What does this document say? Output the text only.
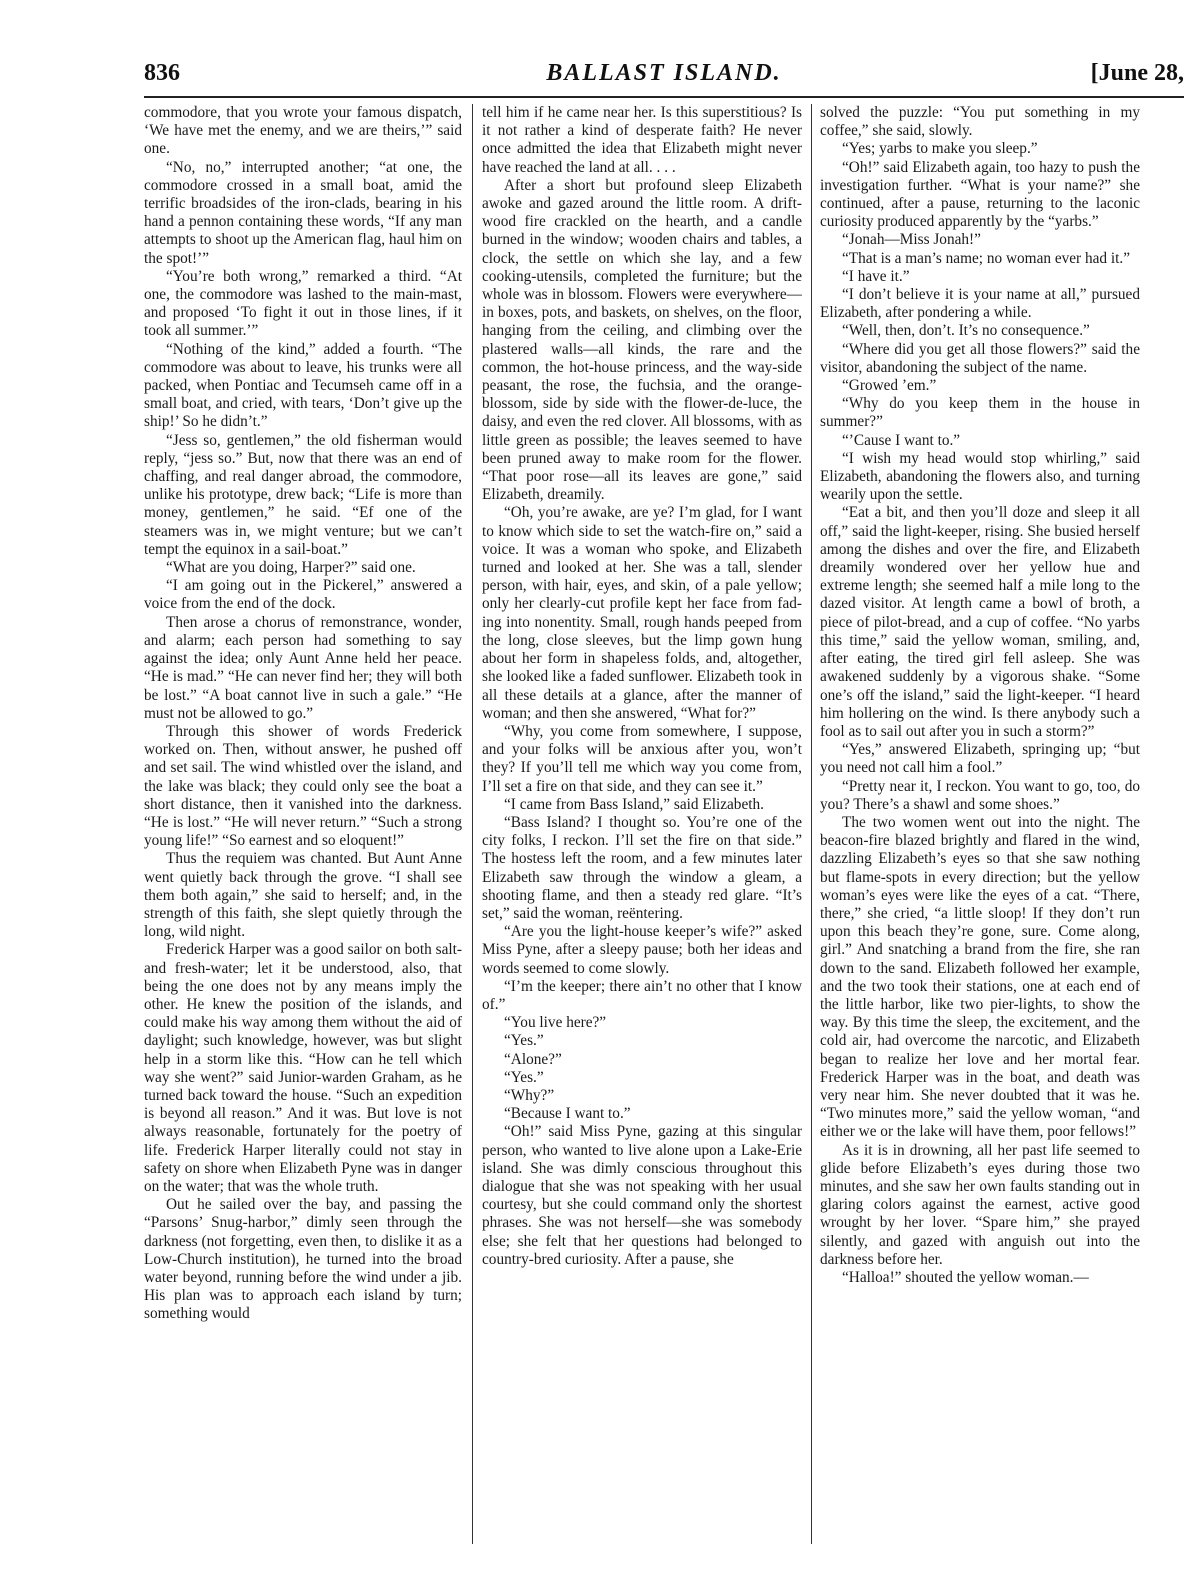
836	BALLAST ISLAND.	[June 28,

commodore, that you wrote your famous dispatch, ‘We have met the enemy, and we are theirs,’” said one.

“No, no,” interrupted another; “at one, the commodore crossed in a small boat, amid the terrific broadsides of the iron-clads, bearing in his hand a pennon containing these words, “If any man attempts to shoot up the American flag, haul him on the spot!’”

“You’re both wrong,” remarked a third. “At one, the commodore was lashed to the main-mast, and proposed ‘To fight it out in those lines, if it took all summer.’”

“Nothing of the kind,” added a fourth. “The commodore was about to leave, his trunks were all packed, when Pontiac and Tecumseh came off in a small boat, and cried, with tears, ‘Don’t give up the ship!’ So he didn’t.”

“Jess so, gentlemen,” the old fisherman would reply, “jess so.” But, now that there was an end of chaffing, and real danger abroad, the commodore, unlike his prototype, drew back; “Life is more than money, gentlemen,” he said. “Ef one of the steamers was in, we might venture; but we can’t tempt the equinox in a sail-boat.”

“What are you doing, Harper?” said one.

“I am going out in the Pickerel,” answered a voice from the end of the dock.

Then arose a chorus of remonstrance, wonder, and alarm; each person had something to say against the idea; only Aunt Anne held her peace. “He is mad.” “He can never find her; they will both be lost.” “A boat cannot live in such a gale.” “He must not be allowed to go.”

Through this shower of words Frederick worked on. Then, without answer, he pushed off and set sail. The wind whistled over the island, and the lake was black; they could only see the boat a short distance, then it vanished into the darkness. “He is lost.” “He will never return.” “Such a strong young life!” “So earnest and so eloquent!”

Thus the requiem was chanted. But Aunt Anne went quietly back through the grove. “I shall see them both again,” she said to herself; and, in the strength of this faith, she slept quietly through the long, wild night.

Frederick Harper was a good sailor on both salt- and fresh-water; let it be understood, also, that being the one does not by any means imply the other. He knew the position of the islands, and could make his way among them without the aid of daylight; such knowledge, however, was but slight help in a storm like this. “How can he tell which way she went?” said Junior-warden Graham, as he turned back toward the house. “Such an expedition is beyond all reason.” And it was. But love is not always reasonable, fortunately for the poetry of life. Frederick Harper literally could not stay in safety on shore when Elizabeth Pyne was in danger on the water; that was the whole truth.

Out he sailed over the bay, and passing the “Parsons’ Snug-harbor,” dimly seen through the darkness (not forgetting, even then, to dislike it as a Low-Church institution), he turned into the broad water beyond, running before the wind under a jib. His plan was to approach each island by turn; something would

tell him if he came near her. Is this superstitious? Is it not rather a kind of desperate faith? He never once admitted the idea that Elizabeth might never have reached the land at all. . . .

After a short but profound sleep Elizabeth awoke and gazed around the little room. A drift-wood fire crackled on the hearth, and a candle burned in the window; wooden chairs and tables, a clock, the settle on which she lay, and a few cooking-utensils, completed the furniture; but the whole was in blossom. Flowers were everywhere—in boxes, pots, and baskets, on shelves, on the floor, hanging from the ceiling, and climbing over the plastered walls—all kinds, the rare and the common, the hot-house princess, and the way-side peasant, the rose, the fuchsia, and the orange-blossom, side by side with the flower-de-luce, the daisy, and even the red clover. All blossoms, with as little green as possible; the leaves seemed to have been pruned away to make room for the flower. “That poor rose—all its leaves are gone,” said Elizabeth, dreamily.

“Oh, you’re awake, are ye? I’m glad, for I want to know which side to set the watch-fire on,” said a voice. It was a woman who spoke, and Elizabeth turned and looked at her. She was a tall, slender person, with hair, eyes, and skin, of a pale yellow; only her clearly-cut profile kept her face from fading into nonentity. Small, rough hands peeped from the long, close sleeves, but the limp gown hung about her form in shapeless folds, and, altogether, she looked like a faded sunflower. Elizabeth took in all these details at a glance, after the manner of woman; and then she answered, “What for?”

“Why, you come from somewhere, I suppose, and your folks will be anxious after you, won’t they? If you’ll tell me which way you come from, I’ll set a fire on that side, and they can see it.”

“I came from Bass Island,” said Elizabeth.

“Bass Island? I thought so. You’re one of the city folks, I reckon. I’ll set the fire on that side.” The hostess left the room, and a few minutes later Elizabeth saw through the window a gleam, a shooting flame, and then a steady red glare. “It’s set,” said the woman, reëntering.

“Are you the light-house keeper’s wife?” asked Miss Pyne, after a sleepy pause; both her ideas and words seemed to come slowly.

“I’m the keeper; there ain’t no other that I know of.”

“You live here?”

“Yes.”

“Alone?”

“Yes.”

“Why?”

“Because I want to.”

“Oh!” said Miss Pyne, gazing at this singular person, who wanted to live alone upon a Lake-Erie island. She was dimly conscious throughout this dialogue that she was not speaking with her usual courtesy, but she could command only the shortest phrases. She was not herself—she was somebody else; she felt that her questions had belonged to country-bred curiosity. After a pause, she

solved the puzzle: “You put something in my coffee,” she said, slowly.

“Yes; yarbs to make you sleep.”

“Oh!” said Elizabeth again, too hazy to push the investigation further. “What is your name?” she continued, after a pause, returning to the laconic curiosity produced apparently by the “yarbs.”

“Jonah—Miss Jonah!”

“That is a man’s name; no woman ever had it.”

“I have it.”

“I don’t believe it is your name at all,” pursued Elizabeth, after pondering a while.

“Well, then, don’t. It’s no consequence.”

“Where did you get all those flowers?” said the visitor, abandoning the subject of the name.

“Growed ’em.”

“Why do you keep them in the house in summer?”

“’Cause I want to.”

“I wish my head would stop whirling,” said Elizabeth, abandoning the flowers also, and turning wearily upon the settle.

“Eat a bit, and then you’ll doze and sleep it all off,” said the light-keeper, rising. She busied herself among the dishes and over the fire, and Elizabeth dreamily wondered over her yellow hue and extreme length; she seemed half a mile long to the dazed visitor. At length came a bowl of broth, a piece of pilot-bread, and a cup of coffee. “No yarbs this time,” said the yellow woman, smiling, and, after eating, the tired girl fell asleep. She was awakened suddenly by a vigorous shake. “Some one’s off the island,” said the light-keeper. “I heard him hollering on the wind. Is there anybody such a fool as to sail out after you in such a storm?”

“Yes,” answered Elizabeth, springing up; “but you need not call him a fool.”

“Pretty near it, I reckon. You want to go, too, do you? There’s a shawl and some shoes.”

The two women went out into the night. The beacon-fire blazed brightly and flared in the wind, dazzling Elizabeth’s eyes so that she saw nothing but flame-spots in every direction; but the yellow woman’s eyes were like the eyes of a cat. “There, there,” she cried, “a little sloop! If they don’t run upon this beach they’re gone, sure. Come along, girl.” And snatching a brand from the fire, she ran down to the sand. Elizabeth followed her example, and the two took their stations, one at each end of the little harbor, like two pier-lights, to show the way. By this time the sleep, the excitement, and the cold air, had overcome the narcotic, and Elizabeth began to realize her love and her mortal fear. Frederick Harper was in the boat, and death was very near him. She never doubted that it was he. “Two minutes more,” said the yellow woman, “and either we or the lake will have them, poor fellows!”

As it is in drowning, all her past life seemed to glide before Elizabeth’s eyes during those two minutes, and she saw her own faults standing out in glaring colors against the earnest, active good wrought by her lover. “Spare him,” she prayed silently, and gazed with anguish out into the darkness before her.

“Halloa!” shouted the yellow woman.—
